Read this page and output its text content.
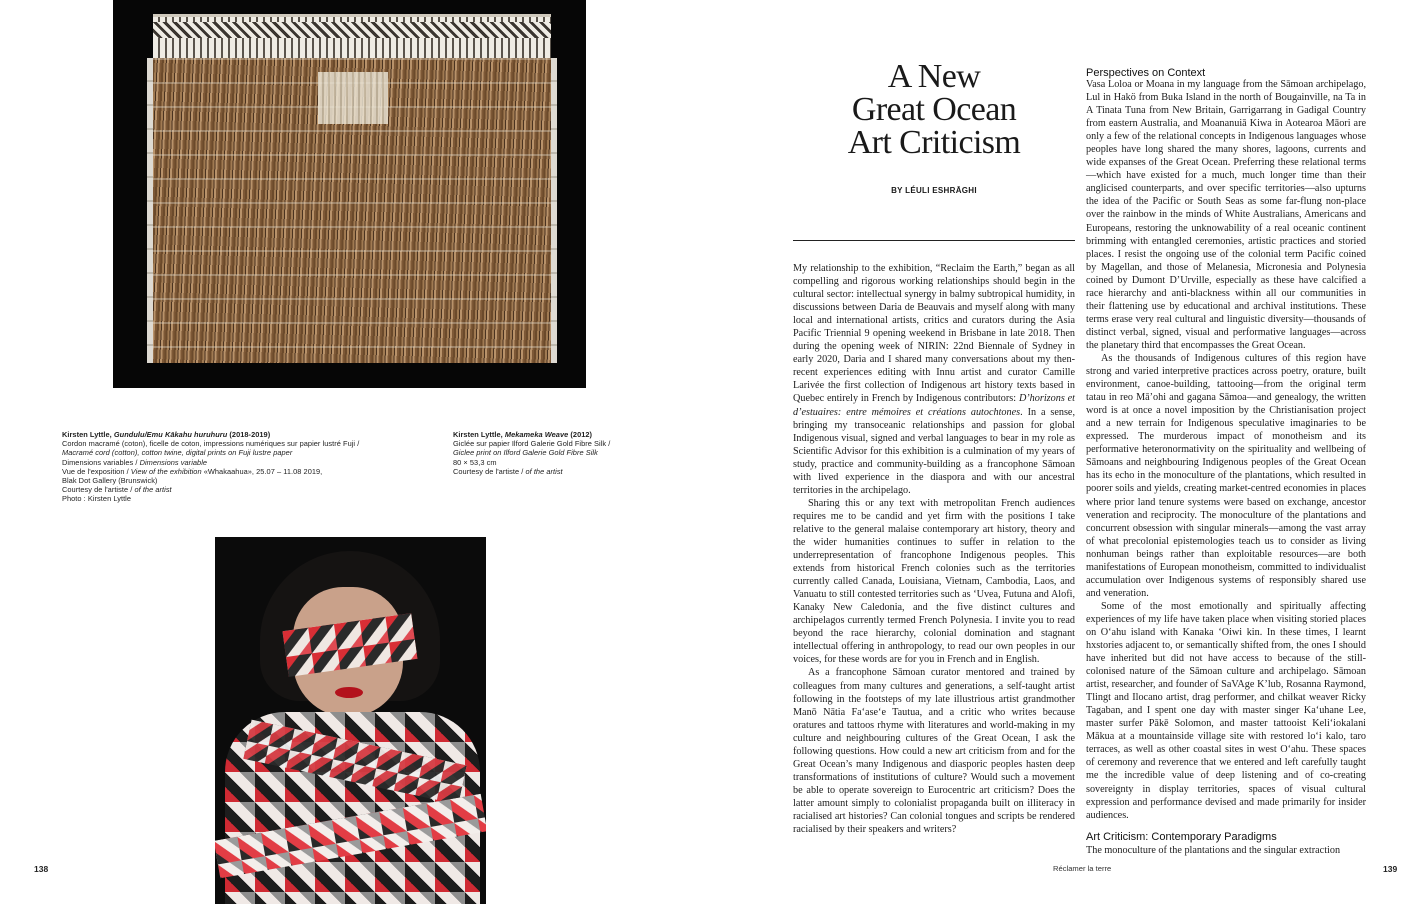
Kirsten Lyttle, Gundulu/Emu Kākahu huruhuru (2018-2019)
Cordon macramé (coton), ficelle de coton, impressions numériques sur papier lustré Fuji /
Macramé cord (cotton), cotton twine, digital prints on Fuji lustre paper
Dimensions variables / Dimensions variable
Vue de l'exposition / View of the exhibition «Whakaahua», 25.07 – 11.08 2019,
Blak Dot Gallery (Brunswick)
Courtesy de l'artiste / of the artist
Photo : Kirsten Lyttle
Kirsten Lyttle, Mekameka Weave (2012)
Giclée sur papier Ilford Galerie Gold Fibre Silk /
Giclee print on Ilford Galerie Gold Fibre Silk
80 × 53,3 cm
Courtesy de l'artiste / of the artist
138
A New
Great Ocean
Art Criticism
BY LÉULI ESHRĀGHI

My relationship to the exhibition, “Reclaim the Earth,” began as all compelling and rigorous working relationships should begin in the cultural sector: intellectual synergy in balmy subtropical humidity, in discussions between Daria de Beauvais and myself along with many local and international artists, critics and curators during the Asia Pacific Triennial 9 opening weekend in Brisbane in late 2018. Then during the opening week of NIRIN: 22nd Biennale of Sydney in early 2020, Daria and I shared many conversations about my then-recent experiences editing with Innu artist and curator Camille Larivée the first collection of Indigenous art history texts based in Quebec entirely in French by Indigenous contributors: D’horizons et d’estuaires: entre mémoires et créations autochtones. In a sense, bringing my transoceanic relationships and passion for global Indigenous visual, signed and verbal languages to bear in my role as Scientific Advisor for this exhibition is a culmination of my years of study, practice and community-building as a francophone Sāmoan with lived experience in the diaspora and with our ancestral territories in the archipelago.

Sharing this or any text with metropolitan French audiences requires me to be candid and yet firm with the positions I take relative to the general malaise contemporary art history, theory and the wider humanities continues to suffer in relation to the underrepresentation of francophone Indigenous peoples. This extends from historical French colonies such as the territories currently called Canada, Louisiana, Vietnam, Cambodia, Laos, and Vanuatu to still contested territories such as ʻUvea, Futuna and Alofi, Kanaky New Caledonia, and the five distinct cultures and archipelagos currently termed French Polynesia. I invite you to read beyond the race hierarchy, colonial domination and stagnant intellectual offering in anthropology, to read our own peoples in our voices, for these words are for you in French and in English.

As a francophone Sāmoan curator mentored and trained by colleagues from many cultures and generations, a self-taught artist following in the footsteps of my late illustrious artist grandmother Manō Nātia Faʻaseʻe Tautua, and a critic who writes because oratures and tattoos rhyme with literatures and world-making in my culture and neighbouring cultures of the Great Ocean, I ask the following questions. How could a new art criticism from and for the Great Ocean’s many Indigenous and diasporic peoples hasten deep transformations of institutions of culture? Would such a movement be able to operate sovereign to Eurocentric art criticism? Does the latter amount simply to colonialist propaganda built on illiteracy in racialised art histories? Can colonial tongues and scripts be rendered racialised by their speakers and writers?

Perspectives on Context

Vasa Loloa or Moana in my language from the Sāmoan archipelago, Lul in Hakö from Buka Island in the north of Bougainville, na Ta in A Tinata Tuna from New Britain, Garrigarrang in Gadigal Country from eastern Australia, and Moananuiā Kiwa in Aotearoa Māori are only a few of the relational concepts in Indigenous languages whose peoples have long shared the many shores, lagoons, currents and wide expanses of the Great Ocean. Preferring these relational terms—which have existed for a much, much longer time than their anglicised counterparts, and over specific territories—also upturns the idea of the Pacific or South Seas as some far-flung non-place over the rainbow in the minds of White Australians, Americans and Europeans, restoring the unknowability of a real oceanic continent brimming with entangled ceremonies, artistic practices and storied places. I resist the ongoing use of the colonial term Pacific coined by Magellan, and those of Melanesia, Micronesia and Polynesia coined by Dumont D’Urville, especially as these have calcified a race hierarchy and anti-blackness within all our communities in their flattening use by educational and archival institutions. These terms erase very real cultural and linguistic diversity—thousands of distinct verbal, signed, visual and performative languages—across the planetary third that encompasses the Great Ocean.

As the thousands of Indigenous cultures of this region have strong and varied interpretive practices across poetry, orature, built environment, canoe-building, tattooing—from the original term tatau in reo Mā’ohi and gagana Sāmoa—and genealogy, the written word is at once a novel imposition by the Christianisation project and a new terrain for Indigenous speculative imaginaries to be expressed. The murderous impact of monotheism and its performative heteronormativity on the spirituality and wellbeing of Sāmoans and neighbouring Indigenous peoples of the Great Ocean has its echo in the monoculture of the plantations, which resulted in poorer soils and yields, creating market-centred economies in places where prior land tenure systems were based on exchange, ancestor veneration and reciprocity. The monoculture of the plantations and concurrent obsession with singular minerals—among the vast array of what precolonial epistemologies teach us to consider as living nonhuman beings rather than exploitable resources—are both manifestations of European monotheism, committed to individualist accumulation over Indigenous systems of responsibly shared use and veneration.

Some of the most emotionally and spiritually affecting experiences of my life have taken place when visiting storied places on Oʻahu island with Kanaka ʻOiwi kin. In these times, I learnt hxstories adjacent to, or semantically shifted from, the ones I should have inherited but did not have access to because of the still-colonised nature of the Sāmoan culture and archipelago. Sāmoan artist, researcher, and founder of SaVAge K’lub, Rosanna Raymond, Tlingt and Ilocano artist, drag performer, and chilkat weaver Ricky Tagaban, and I spent one day with master singer Kaʻuhane Lee, master surfer Pākē Solomon, and master tattooist Keliʻiokalani Mākua at a mountainside village site with restored loʻi kalo, taro terraces, as well as other coastal sites in west Oʻahu. These spaces of ceremony and reverence that we entered and left carefully taught me the incredible value of deep listening and of co-creating sovereignty in display territories, spaces of visual cultural expression and performance devised and made primarily for insider audiences.

Art Criticism: Contemporary Paradigms

The monoculture of the plantations and the singular extraction

Réclamer la terre	139
